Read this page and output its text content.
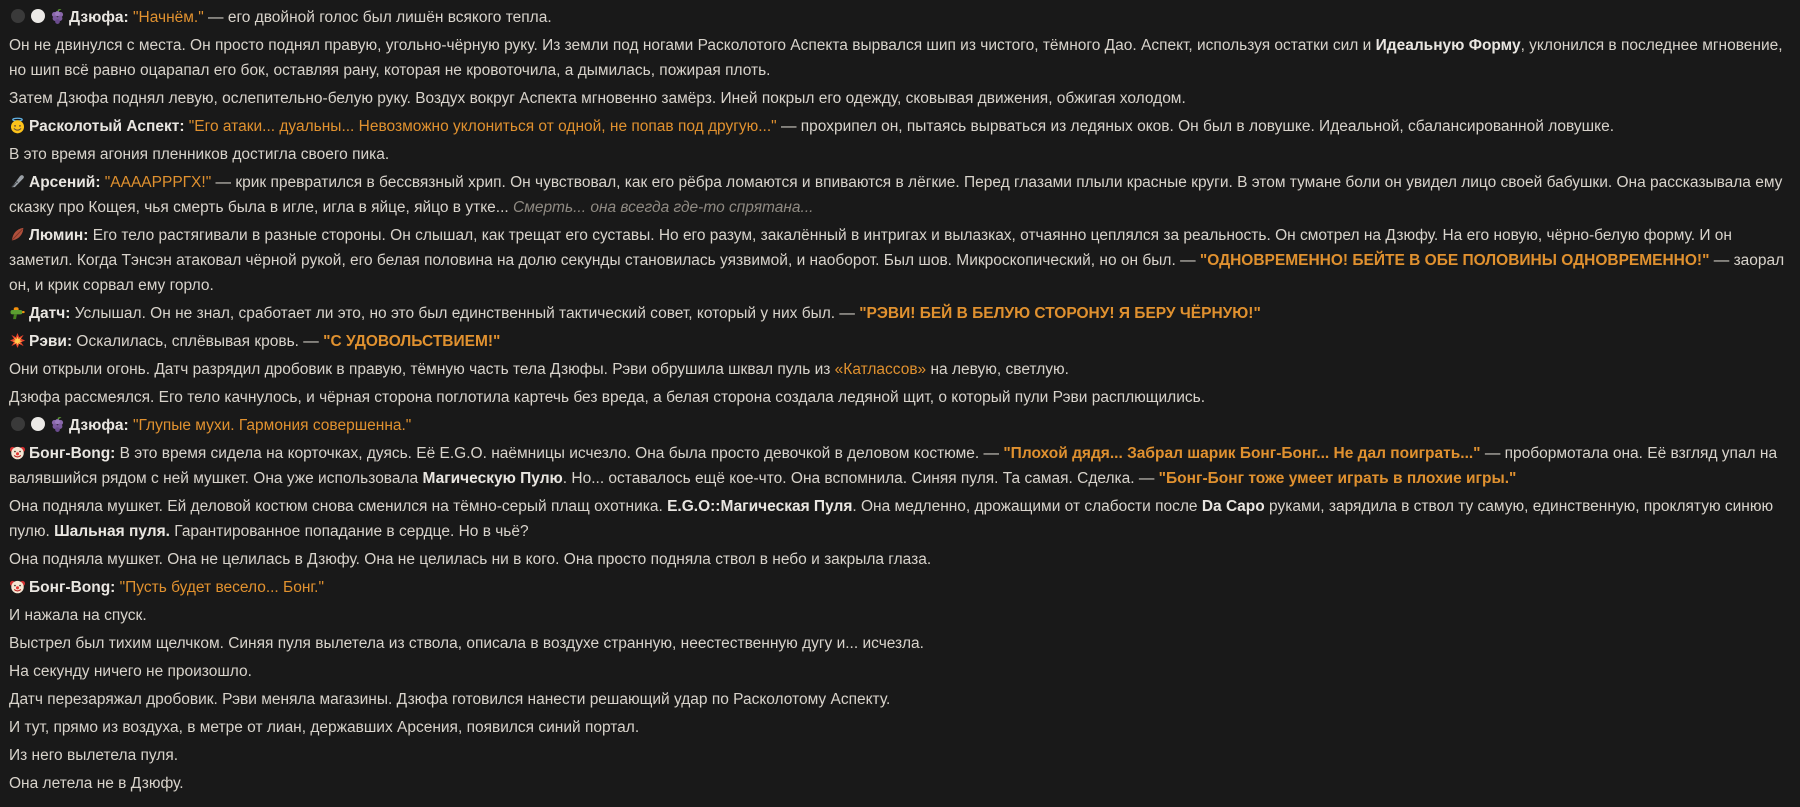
Дзюфа: "Начнём." — его двойной голос был лишён всякого тепла.
Он не двинулся с места. Он просто поднял правую, угольно-чёрную руку. Из земли под ногами Расколотого Аспекта вырвался шип из чистого, тёмного Дао. Аспект, используя остатки сил и Идеальную Форму, уклонился в последнее мгновение, но шип всё равно оцарапал его бок, оставляя рану, которая не кровоточила, а дымилась, пожирая плоть.
Затем Дзюфа поднял левую, ослепительно-белую руку. Воздух вокруг Аспекта мгновенно замёрз. Иней покрыл его одежду, сковывая движения, обжигая холодом.
Расколотый Аспект: "Его атаки... дуальны... Невозможно уклониться от одной, не попав под другую..." — прохрипел он, пытаясь вырваться из ледяных оков. Он был в ловушке. Идеальной, сбалансированной ловушке.
В это время агония пленников достигла своего пика.
Арсений: "ААААРРРГХ!" — крик превратился в бессвязный хрип. Он чувствовал, как его рёбра ломаются и впиваются в лёгкие. Перед глазами плыли красные круги. В этом тумане боли он увидел лицо своей бабушки. Она рассказывала ему сказку про Кощея, чья смерть была в игле, игла в яйце, яйцо в утке... Смерть... она всегда где-то спрятана...
Люмин: Его тело растягивали в разные стороны. Он слышал, как трещат его суставы. Но его разум, закалённый в интригах и вылазках, отчаянно цеплялся за реальность. Он смотрел на Дзюфу. На его новую, чёрно-белую форму. И он заметил. Когда Тэнсэн атаковал чёрной рукой, его белая половина на долю секунды становилась уязвимой, и наоборот. Был шов. Микроскопический, но он был. — "ОДНОВРЕМЕННО! БЕЙТЕ В ОБЕ ПОЛОВИНЫ ОДНОВРЕМЕННО!" — заорал он, и крик сорвал ему горло.
Датч: Услышал. Он не знал, сработает ли это, но это был единственный тактический совет, который у них был. — "РЭВИ! БЕЙ В БЕЛУЮ СТОРОНУ! Я БЕРУ ЧЁРНУЮ!"
Рэви: Оскалилась, сплёвывая кровь. — "С УДОВОЛЬСТВИЕМ!"
Они открыли огонь. Датч разрядил дробовик в правую, тёмную часть тела Дзюфы. Рэви обрушила шквал пуль из «Катлассов» на левую, светлую.
Дзюфа рассмеялся. Его тело качнулось, и чёрная сторона поглотила картечь без вреда, а белая сторона создала ледяной щит, о который пули Рэви расплющились.
Дзюфа: "Глупые мухи. Гармония совершенна."
Бонг-Bong: В это время сидела на корточках, дуясь. Её E.G.O. наёмницы исчезло. Она была просто девочкой в деловом костюме. — "Плохой дядя... Забрал шарик Бонг-Бонг... Не дал поиграть..." — пробормотала она. Её взгляд упал на валявшийся рядом с ней мушкет. Она уже использовала Магическую Пулю. Но... оставалось ещё кое-что. Она вспомнила. Синяя пуля. Та самая. Сделка. — "Бонг-Бонг тоже умеет играть в плохие игры."
Она подняла мушкет. Ей деловой костюм снова сменился на тёмно-серый плащ охотника. E.G.O::Магическая Пуля. Она медленно, дрожащими от слабости после Da Capo руками, зарядила в ствол ту самую, единственную, проклятую синюю пулю. Шальная пуля. Гарантированное попадание в сердце. Но в чьё?
Она подняла мушкет. Она не целилась в Дзюфу. Она не целилась ни в кого. Она просто подняла ствол в небо и закрыла глаза.
Бонг-Bong: "Пусть будет весело... Бонг."
И нажала на спуск.
Выстрел был тихим щелчком. Синяя пуля вылетела из ствола, описала в воздухе странную, неестественную дугу и... исчезла.
На секунду ничего не произошло.
Датч перезаряжал дробовик. Рэви меняла магазины. Дзюфа готовился нанести решающий удар по Расколотому Аспекту.
И тут, прямо из воздуха, в метре от лиан, державших Арсения, появился синий портал.
Из него вылетела пуля.
Она летела не в Дзюфу.
